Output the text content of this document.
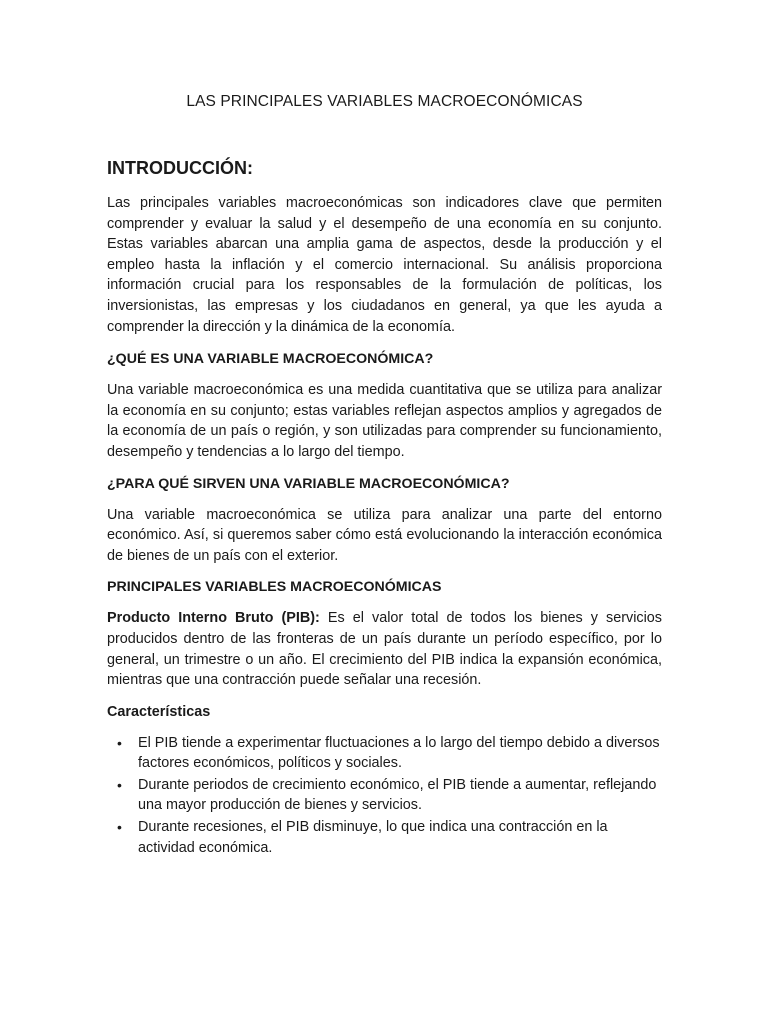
LAS PRINCIPALES VARIABLES MACROECONÓMICAS
INTRODUCCIÓN:

Las principales variables macroeconómicas son indicadores clave que permiten comprender y evaluar la salud y el desempeño de una economía en su conjunto. Estas variables abarcan una amplia gama de aspectos, desde la producción y el empleo hasta la inflación y el comercio internacional. Su análisis proporciona información crucial para los responsables de la formulación de políticas, los inversionistas, las empresas y los ciudadanos en general, ya que les ayuda a comprender la dirección y la dinámica de la economía.

¿QUÉ ES UNA VARIABLE MACROECONÓMICA?

Una variable macroeconómica es una medida cuantitativa que se utiliza para analizar la economía en su conjunto; estas variables reflejan aspectos amplios y agregados de la economía de un país o región, y son utilizadas para comprender su funcionamiento, desempeño y tendencias a lo largo del tiempo.

¿PARA QUÉ SIRVEN UNA VARIABLE MACROECONÓMICA?

Una variable macroeconómica se utiliza para analizar una parte del entorno económico. Así, si queremos saber cómo está evolucionando la interacción económica de bienes de un país con el exterior.

PRINCIPALES VARIABLES MACROECONÓMICAS

Producto Interno Bruto (PIB): Es el valor total de todos los bienes y servicios producidos dentro de las fronteras de un país durante un período específico, por lo general, un trimestre o un año. El crecimiento del PIB indica la expansión económica, mientras que una contracción puede señalar una recesión.

Características
• El PIB tiende a experimentar fluctuaciones a lo largo del tiempo debido a diversos factores económicos, políticos y sociales.
• Durante periodos de crecimiento económico, el PIB tiende a aumentar, reflejando una mayor producción de bienes y servicios.
• Durante recesiones, el PIB disminuye, lo que indica una contracción en la actividad económica.
